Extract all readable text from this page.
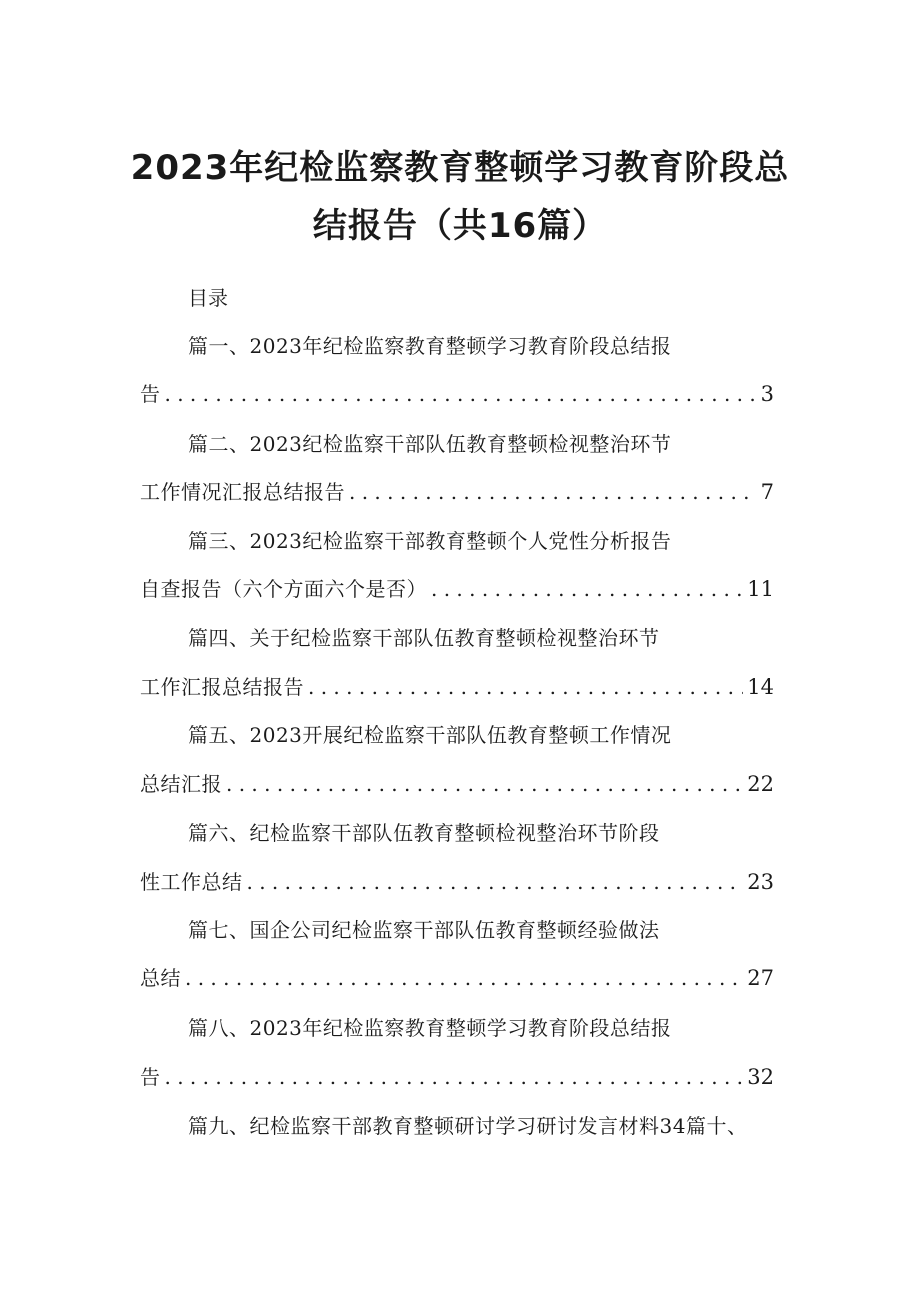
2023年纪检监察教育整顿学习教育阶段总
结报告（共16篇）
目录
篇一、2023年纪检监察教育整顿学习教育阶段总结报
告 . . .	3
篇二、2023纪检监察干部队伍教育整顿检视整治环节
工作情况汇报总结报告 . . .	7
篇三、2023纪检监察干部教育整顿个人党性分析报告
自查报告（六个方面六个是否） . . .	11
篇四、关于纪检监察干部队伍教育整顿检视整治环节
工作汇报总结报告 . . .	14
篇五、2023开展纪检监察干部队伍教育整顿工作情况
总结汇报 . . .	22
篇六、纪检监察干部队伍教育整顿检视整治环节阶段
性工作总结 . . .	23
篇七、国企公司纪检监察干部队伍教育整顿经验做法
总结 . . .	27
篇八、2023年纪检监察教育整顿学习教育阶段总结报
告 . . .	32
篇九、纪检监察干部教育整顿研讨学习研讨发言材料34篇十、
